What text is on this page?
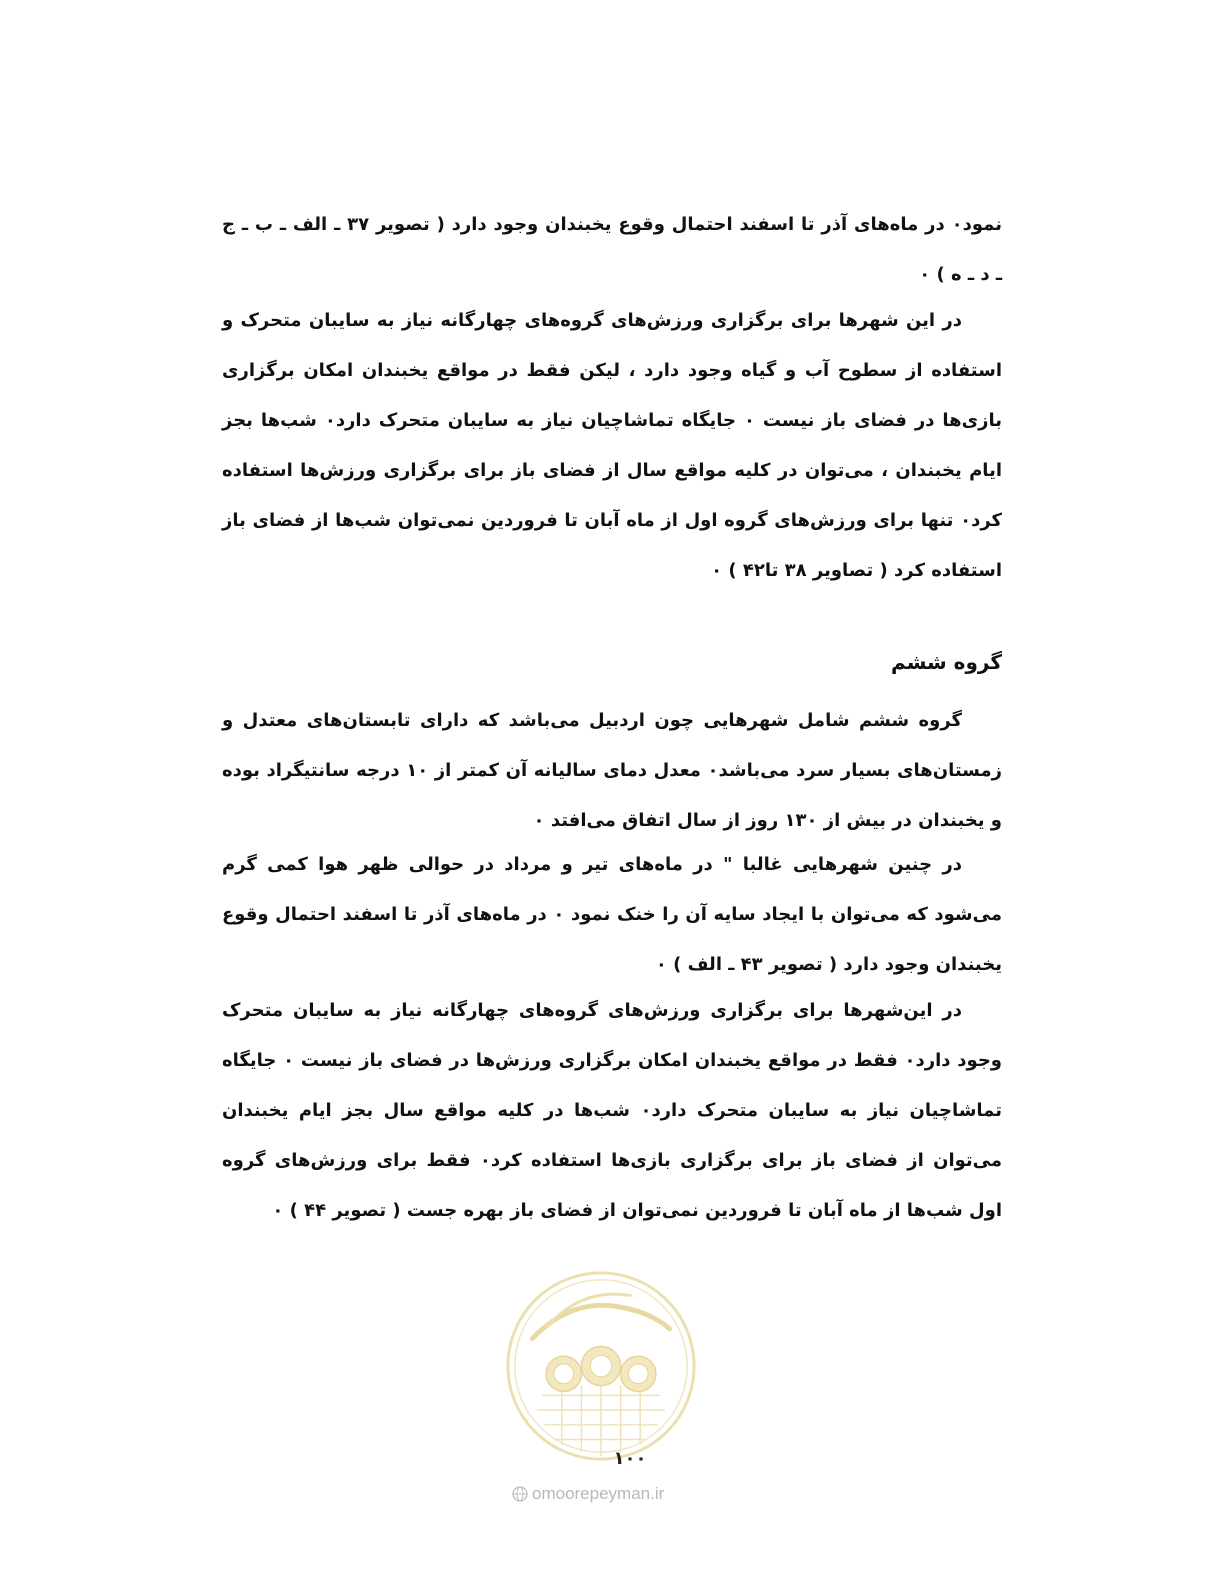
نمود٠ در ماه‌های آذر تا اسفند احتمال وقوع یخبندان وجود دارد ( تصویر ۳۷ ـ الف ـ ب ـ ج ـ د ـ ه ) ٠

در این شهرها برای برگزاری ورزش‌های گروه‌های چهارگانه نیاز به سایبان متحرک و استفاده از سطوح آب و گیاه وجود دارد ، لیکن فقط در مواقع یخبندان امکان برگزاری بازی‌ها در فضای باز نیست ٠ جایگاه تماشاچیان نیاز به سایبان متحرک دارد٠ شب‌ها بجز ایام یخبندان ، می‌توان در کلیه مواقع سال از فضای باز برای برگزاری ورزش‌ها استفاده کرد٠ تنها برای ورزش‌های گروه اول از ماه آبان تا فروردین نمی‌توان شب‌ها از فضای باز استفاده کرد ( تصاویر ۳۸ تا۴۲ ) ٠

گروه ششم

گروه ششم شامل شهرهایی چون اردبیل می‌باشد که دارای تابستان‌های معتدل و زمستان‌های بسیار سرد می‌باشد٠ معدل دمای سالیانه آن کمتر از ۱۰ درجه سانتیگراد بوده و یخبندان در بیش از ۱۳۰ روز از سال اتفاق می‌افتد ٠

در چنین شهرهایی غالبا " در ماه‌های تیر و مرداد در حوالی ظهر هوا کمی گرم می‌شود که می‌توان با ایجاد سایه آن را خنک نمود ٠ در ماه‌های آذر تا اسفند احتمال وقوع یخبندان وجود دارد ( تصویر ۴۳ ـ الف ) ٠

در این‌شهرها برای برگزاری ورزش‌های گروه‌های چهارگانه نیاز به سایبان متحرک وجود دارد٠ فقط در مواقع یخبندان امکان برگزاری ورزش‌ها در فضای باز نیست ٠ جایگاه تماشاچیان نیاز به سایبان متحرک دارد٠ شب‌ها در کلیه مواقع سال بجز ایام یخبندان می‌توان از فضای باز برای برگزاری بازی‌ها استفاده کرد٠ فقط برای ورزش‌های گروه اول شب‌ها از ماه آبان تا فروردین نمی‌توان از فضای باز بهره جست ( تصویر ۴۴ ) ٠

۱۰۰
omoorepeyman.ir
